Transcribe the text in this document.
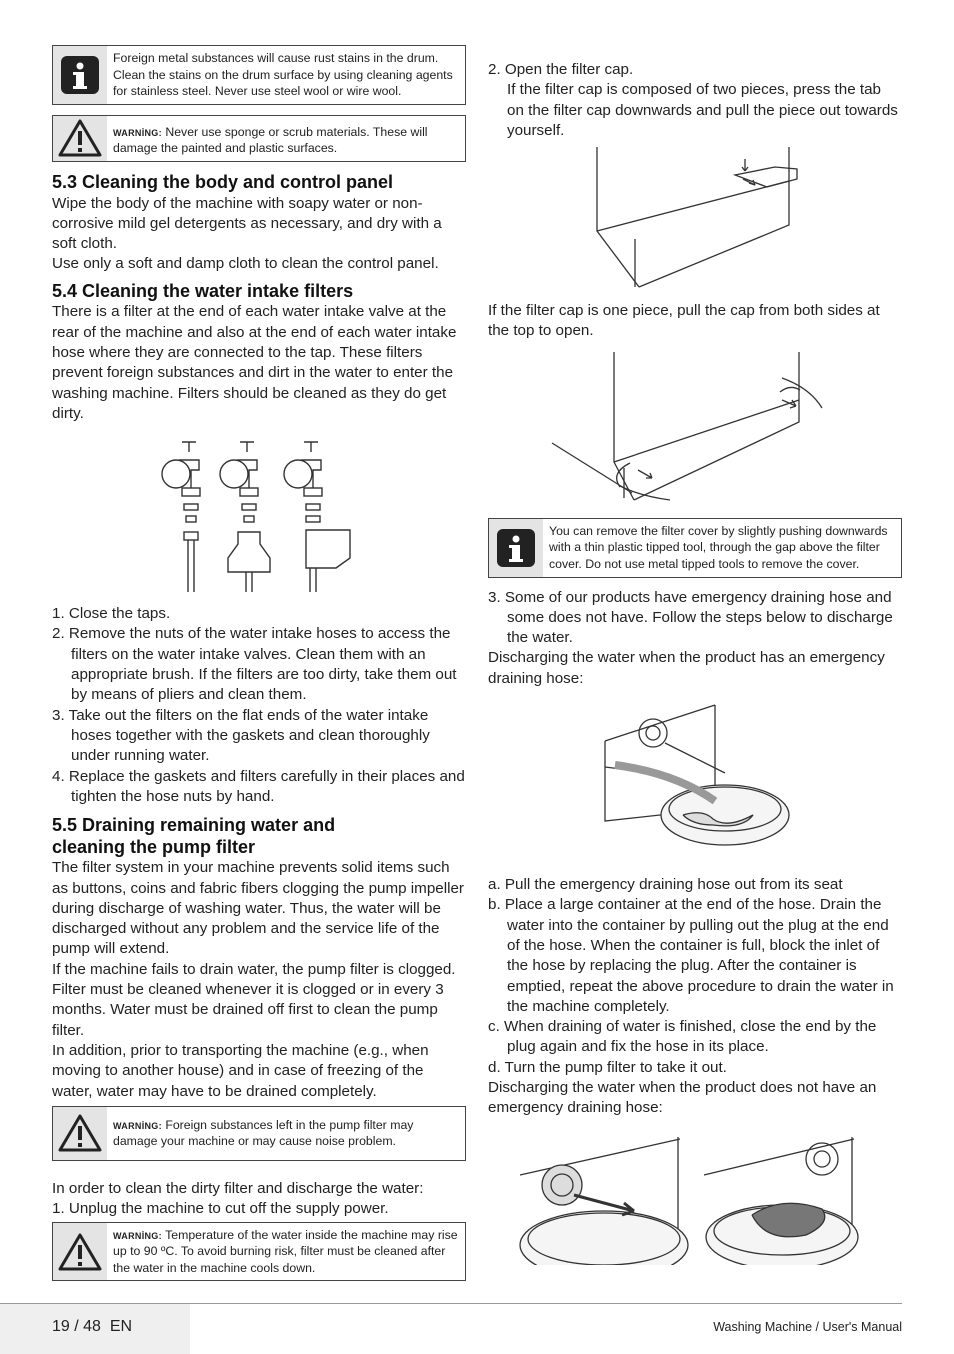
Foreign metal substances will cause rust stains in the drum. Clean the stains on the drum surface by using cleaning agents for stainless steel. Never use steel wool or wire wool.
WARNİNG: Never use sponge or scrub materials. These will damage the painted and plastic surfaces.
5.3 Cleaning the body and control panel

Wipe the body of the machine with soapy water or non-corrosive mild gel detergents as necessary, and dry with a soft cloth.

Use only a soft and damp cloth to clean the control panel.

5.4 Cleaning the water intake filters

There is a filter at the end of each water intake valve at the rear of the machine and also at the end of each water intake hose where they are connected to the tap. These filters prevent foreign substances and dirt in the water to enter the washing machine. Filters should be cleaned as they do get dirty.

1. Close the taps.
2. Remove the nuts of the water intake hoses to access the filters on the water intake valves. Clean them with an appropriate brush. If the filters are too dirty, take them out by means of pliers and clean them.
3. Take out the filters on the flat ends of the water intake hoses together with the gaskets and clean thoroughly under running water.
4. Replace the gaskets and filters carefully in their places and tighten the hose nuts by hand.
5.5 Draining remaining water and
cleaning the pump filter

The filter system in your machine prevents solid items such as buttons, coins and fabric fibers clogging the pump impeller during discharge of washing water. Thus, the water will be discharged without any problem and the service life of the pump will extend.

If the machine fails to drain water, the pump filter is clogged. Filter must be cleaned whenever it is clogged or in every 3 months. Water must be drained off first to clean the pump filter.

In addition, prior to transporting the machine (e.g., when moving to another house) and in case of freezing of the water, water may have to be drained completely.

WARNİNG: Foreign substances left in the pump filter may damage your machine or may cause noise problem.

In order to clean the dirty filter and discharge the water:

1. Unplug the machine to cut off the supply power.

WARNİNG: Temperature of the water inside the machine may rise up to 90 ºC. To avoid burning risk, filter must be cleaned after the water in the machine cools down.

2. Open the filter cap.

If the filter cap is composed of two pieces, press the tab on the filter cap downwards and pull the piece out towards yourself.

If the filter cap is one piece, pull the cap from both sides at the top to open.

You can remove the filter cover by slightly pushing downwards with a thin plastic tipped tool, through the gap above the filter cover. Do not use metal tipped tools to remove the cover.
3. Some of our products have emergency draining hose and some does not have. Follow the steps below to discharge the water.

Discharging the water when the product has an emergency draining hose:

a. Pull the emergency draining hose out from its seat
b. Place a large container at the end of the hose. Drain the water into the container by pulling out the plug at the end of the hose. When the container is full, block the inlet of the hose by replacing the plug. After the container is emptied, repeat the above procedure to drain the water in the machine completely.
c. When draining of water is finished, close the end by the plug again and fix the hose in its place.
d. Turn the pump filter to take it out.

Discharging the water when the product does not have an emergency draining hose:

19 / 48  EN	Washing Machine / User's Manual
